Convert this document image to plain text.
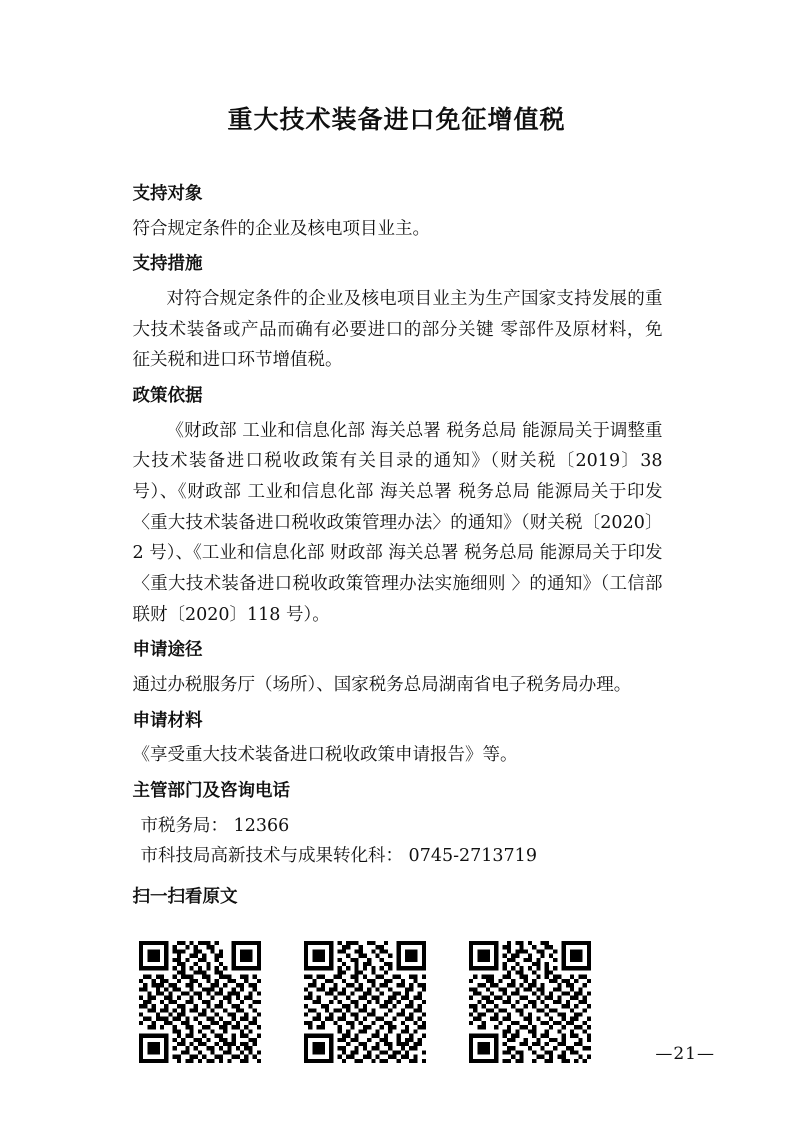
重大技术装备进口免征增值税
支持对象

符合规定条件的企业及核电项目业主。

支持措施

对符合规定条件的企业及核电项目业主为生产国家支持发展的重大技术装备或产品而确有必要进口的部分关键 零部件及原材料，免征关税和进口环节增值税。

政策依据

《财政部 工业和信息化部 海关总署 税务总局 能源局关于调整重大技术装备进口税收政策有关目录的通知》（财关税〔2019〕38 号）、《财政部 工业和信息化部 海关总署 税务总局 能源局关于印发〈重大技术装备进口税收政策管理办法〉的通知》（财关税〔2020〕2 号）、《工业和信息化部 财政部 海关总署 税务总局 能源局关于印发〈重大技术装备进口税收政策管理办法实施细则 〉的通知》（工信部联财〔2020〕118 号）。

申请途径

通过办税服务厅（场所）、国家税务总局湖南省电子税务局办理。

申请材料

《享受重大技术装备进口税收政策申请报告》等。

主管部门及咨询电话

市税务局： 12366

市科技局高新技术与成果转化科： 0745-2713719

扫一扫看原文
—21—
